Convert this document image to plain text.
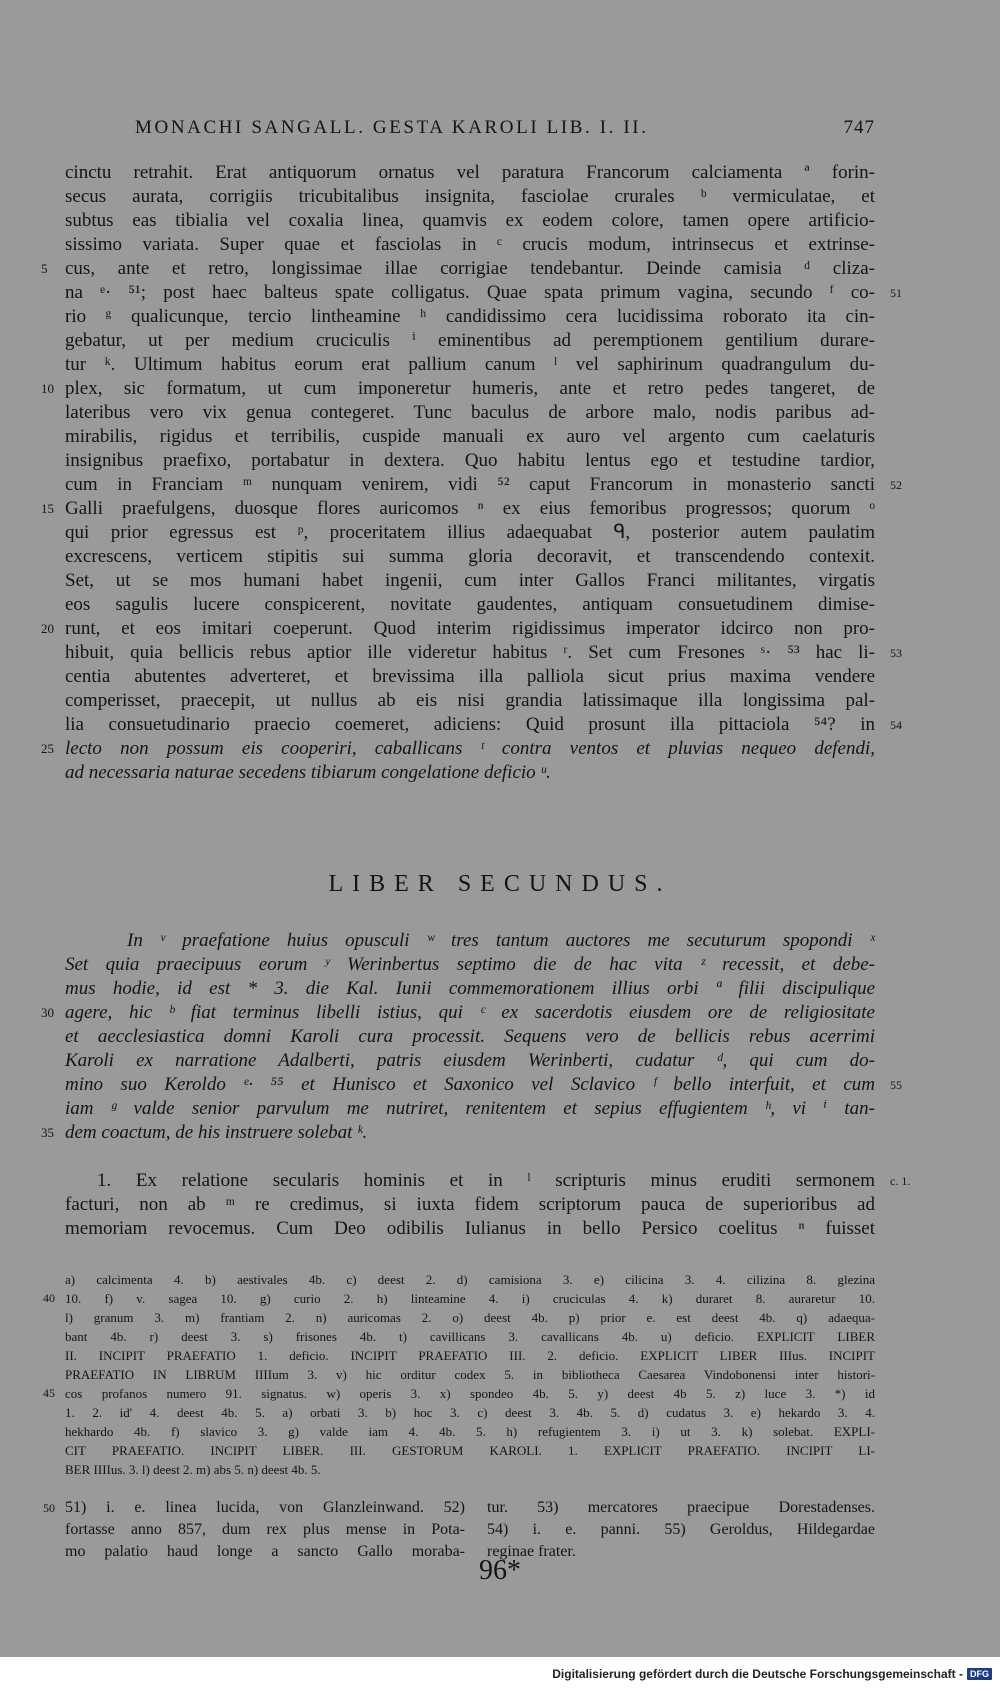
MONACHI SANGALL. GESTA KAROLI LIB. I. II.	747
cinctu retrahit. Erat antiquorum ornatus vel paratura Francorum calciamenta ª forin-
secus aurata, corrigiis tricubitalibus insignita, fasciolae crurales ᵇ vermiculatae, et
subtus eas tibialia vel coxalia linea, quamvis ex eodem colore, tamen opere artificio-
sissimo variata. Super quae et fasciolas in ᶜ crucis modum, intrinsecus et extrinse-
cus, ante et retro, longissimae illae corrigiae tendebantur. Deinde camisia ᵈ cliza-
5
na ᵉ· ⁵¹; post haec balteus spate colligatus. Quae spata primum vagina, secundo ᶠ co- 51
rio ᵍ qualicunque, tercio lintheamine ʰ candidissimo cera lucidissima roborato ita cin-
gebatur, ut per medium cruciculis ⁱ eminentibus ad peremptionem gentilium durare-
tur ᵏ. Ultimum habitus eorum erat pallium canum ˡ vel saphirinum quadrangulum du-
plex, sic formatum, ut cum imponeretur humeris, ante et retro pedes tangeret, de
10
lateribus vero vix genua contegeret. Tunc baculus de arbore malo, nodis paribus ad-
mirabilis, rigidus et terribilis, cuspide manuali ex auro vel argento cum caelaturis
insignibus praefixo, portabatur in dextera. Quo habitu lentus ego et testudine tardior,
cum in Franciam ᵐ nunquam venirem, vidi ⁵² caput Francorum in monasterio sancti 52
Galli praefulgens, duosque flores auricomos ⁿ ex eius femoribus progressos; quorum ᵒ
15
qui prior egressus est ᵖ, proceritatem illius adaequabat ᑫ, posterior autem paulatim
excrescens, verticem stipitis sui summa gloria decoravit, et transcendendo contexit.
Set, ut se mos humani habet ingenii, cum inter Gallos Franci militantes, virgatis
eos sagulis lucere conspicerent, novitate gaudentes, antiquam consuetudinem dimise-
runt, et eos imitari coeperunt. Quod interim rigidissimus imperator idcirco non pro-
20
hibuit, quia bellicis rebus aptior ille videretur habitus ʳ. Set cum Fresones ˢ· ⁵³ hac li- 53
centia abutentes adverteret, et brevissima illa palliola sicut prius maxima vendere
comperisset, praecepit, ut nullus ab eis nisi grandia latissimaque illa longissima pal-
lia consuetudinario praecio coemeret, adiciens: Quid prosunt illa pittaciola ⁵⁴? in 54
lecto non possum eis cooperiri, caballicans ᵗ contra ventos et pluvias nequeo defendi,
25
ad necessaria naturae secedens tibiarum congelatione deficio ᵘ.
In ᵛ praefatione huius opusculi ʷ tres tantum auctores me secuturum spopondi ˣ
Set quia praecipuus eorum ʸ Werinbertus septimo die de hac vita ᶻ recessit, et debe-
mus hodie, id est * 3. die Kal. Iunii commemorationem illius orbi ª filii discipulique
agere, hic ᵇ fiat terminus libelli istius, qui ᶜ ex sacerdotis eiusdem ore de religiositate
30
et aecclesiastica domni Karoli cura processit. Sequens vero de bellicis rebus acerrimi
Karoli ex narratione Adalberti, patris eiusdem Werinberti, cudatur ᵈ, qui cum do-
mino suo Keroldo ᵉ· ⁵⁵ et Hunisco et Saxonico vel Sclavico ᶠ bello interfuit, et cum 55
iam ᵍ valde senior parvulum me nutriret, renitentem et sepius effugientem ʰ, vi ⁱ tan-
dem coactum, de his instruere solebat ᵏ.
35
1. Ex relatione secularis hominis et in ˡ scripturis minus eruditi sermonem c. 1.
facturi, non ab ᵐ re credimus, si iuxta fidem scriptorum pauca de superioribus ad
memoriam revocemus. Cum Deo odibilis Iulianus in bello Persico coelitus ⁿ fuisset
LIBER SECUNDUS.
a) calcimenta 4. b) aestivales 4b. c) deest 2. d) camisiona 3. e) cilicina 3. 4. cilizina 8. glezina
10. f) v. sagea 10. g) curio 2. h) linteamine 4. i) cruciculas 4. k) duraret 8. auraretur 10.
40
l) granum 3. m) frantiam 2. n) auricomas 2. o) deest 4b. p) prior e. est deest 4b. q) adaequa-
bant 4b. r) deest 3. s) frisones 4b. t) cavillicans 3. cavallicans 4b. u) deficio. EXPLICIT LIBER
II. INCIPIT PRAEFATIO 1. deficio. INCIPIT PRAEFATIO III. 2. deficio. EXPLICIT LIBER IIIus. INCIPIT
PRAEFATIO IN LIBRUM IIIIum 3. v) hic orditur codex 5. in bibliotheca Caesarea Vindobonensi inter histori-
cos profanos numero 91. signatus. w) operis 3. x) spondeo 4b. 5. y) deest 4b 5. z) luce 3. *) id
45
1. 2. id' 4. deest 4b. 5. a) orbati 3. b) hoc 3. c) deest 3. 4b. 5. d) cudatus 3. e) hekardo 3. 4.
hekhardo 4b. f) slavico 3. g) valde iam 4. 4b. 5. h) refugientem 3. i) ut 3. k) solebat. EXPLI-
CIT PRAEFATIO. INCIPIT LIBER. III. GESTORUM KAROLI. 1. EXPLICIT PRAEFATIO. INCIPIT LI-
BER IIIIus. 3. l) deest 2. m) abs 5. n) deest 4b. 5.
51) i. e. linea lucida, von Glanzleinwand. 52)
50
fortasse anno 857, dum rex plus mense in Pota-
mo palatio haud longe a sancto Gallo moraba-
tur. 53) mercatores praecipue Dorestadenses.
54) i. e. panni. 55) Geroldus, Hildegardae
reginae frater.
96*
Digitalisierung gefördert durch die Deutsche Forschungsgemeinschaft - DFG
